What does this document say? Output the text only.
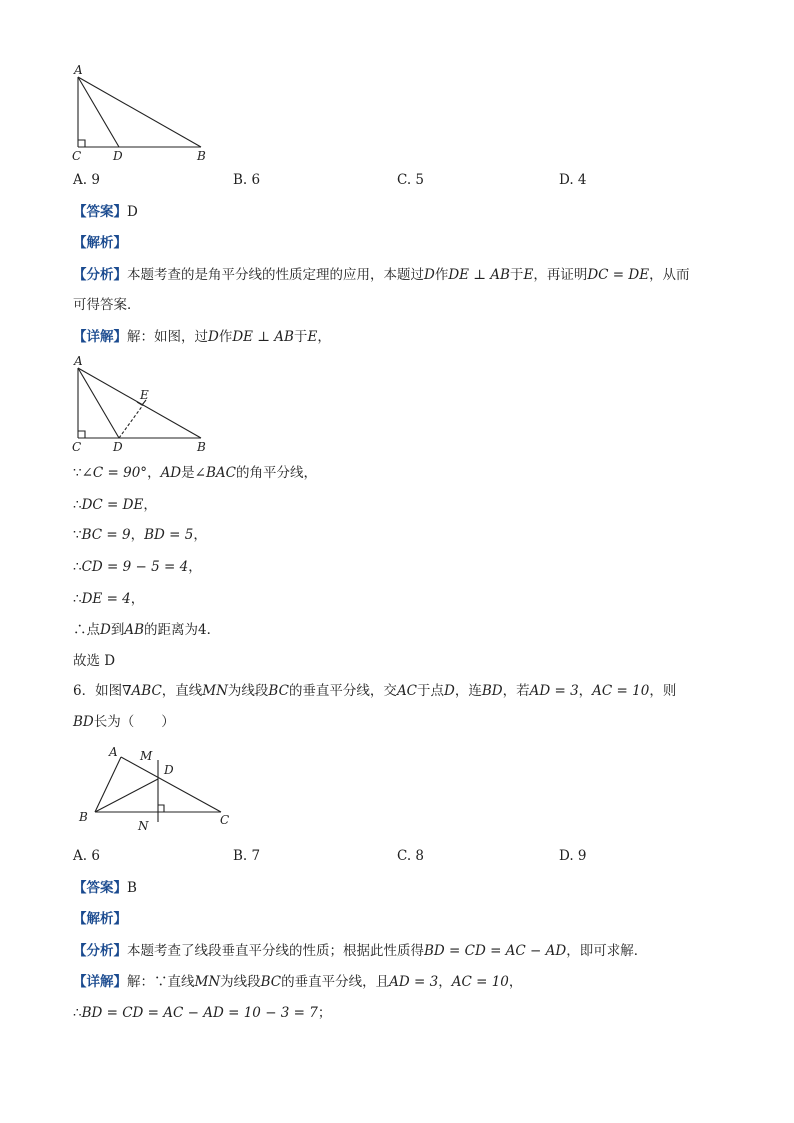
A
C	D	B
A. 9	B. 6	C. 5	D. 4
【答案】D
【解析】
【分析】本题考查的是角平分线的性质定理的应用，本题过D作DE ⊥ AB于E，再证明DC = DE，从而
可得答案．
【详解】解：如图，过D作DE ⊥ AB于E，
A
E
C	D	B
∵∠C = 90°，AD是∠BAC的角平分线，
∴DC = DE，
∵BC = 9，BD = 5，
∴CD = 9 − 5 = 4，
∴DE = 4，
∴点D到AB的距离为4．
故选 D
6．如图∇ABC，直线MN为线段BC的垂直平分线，交AC于点D，连BD，若AD = 3，AC = 10，则
BD长为（　　）
A M
D
B
N	C
A. 6	B. 7	C. 8	D. 9
【答案】B
【解析】
【分析】本题考查了线段垂直平分线的性质；根据此性质得BD = CD = AC − AD，即可求解．
【详解】解：∵直线MN为线段BC的垂直平分线，且AD = 3，AC = 10，
∴BD = CD = AC − AD = 10 − 3 = 7；
